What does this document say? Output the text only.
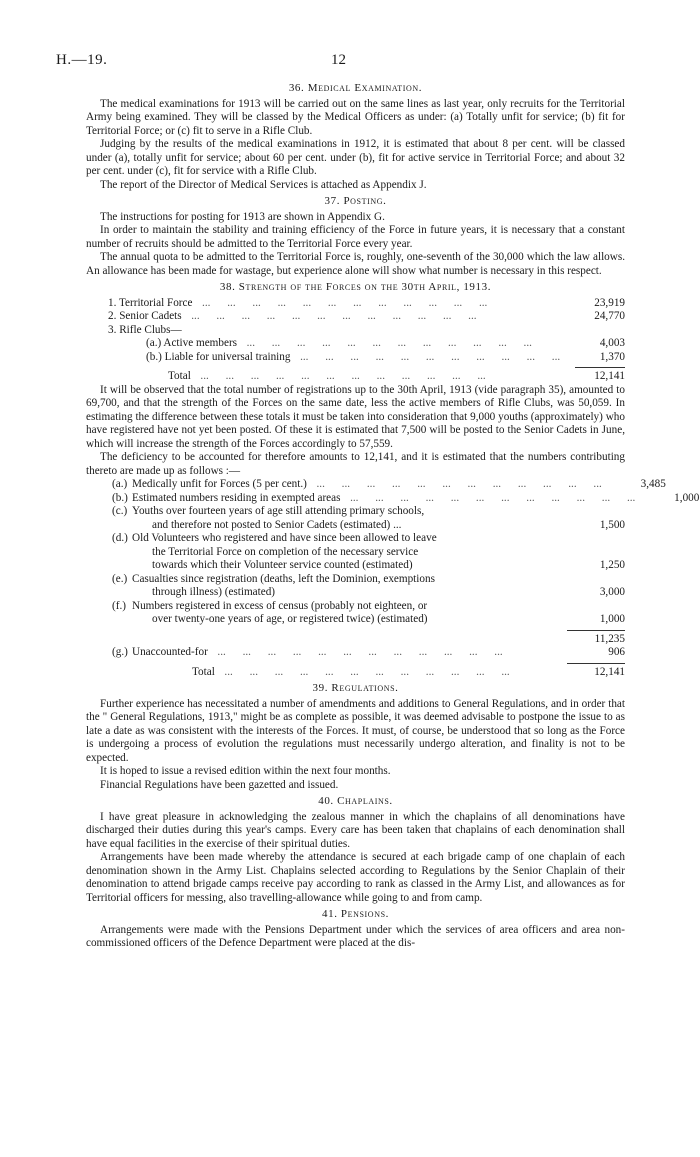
H.—19.	12
36. Medical Examination.

The medical examinations for 1913 will be carried out on the same lines as last year, only recruits for the Territorial Army being examined. They will be classed by the Medical Officers as under: (a) Totally unfit for service; (b) fit for Territorial Force; or (c) fit to serve in a Rifle Club.

Judging by the results of the medical examinations in 1912, it is estimated that about 8 per cent. will be classed under (a), totally unfit for service; about 60 per cent. under (b), fit for active service in Territorial Force; and about 32 per cent. under (c), fit for service with a Rifle Club.

The report of the Director of Medical Services is attached as Appendix J.

37. Posting.

The instructions for posting for 1913 are shown in Appendix G.

In order to maintain the stability and training efficiency of the Force in future years, it is necessary that a constant number of recruits should be admitted to the Territorial Force every year.

The annual quota to be admitted to the Territorial Force is, roughly, one-seventh of the 30,000 which the law allows. An allowance has been made for wastage, but experience alone will show what number is necessary in this respect.

38. Strength of the Forces on the 30th April, 1913.
1. Territorial Force ...	23,919
2. Senior Cadets ...	24,770
3. Rifle Clubs—
(a.) Active members ...	4,003
(b.) Liable for universal training ...	1,370
Total ...	12,141

It will be observed that the total number of registrations up to the 30th April, 1913 (vide paragraph 35), amounted to 69,700, and that the strength of the Forces on the same date, less the active members of Rifle Clubs, was 50,059. In estimating the difference between these totals it must be taken into consideration that 9,000 youths (approximately) who have registered have not yet been posted. Of these it is estimated that 7,500 will be posted to the Senior Cadets in June, which will increase the strength of the Forces accordingly to 57,559.

The deficiency to be accounted for therefore amounts to 12,141, and it is estimated that the numbers contributing thereto are made up as follows :—

(a.) Medically unfit for Forces (5 per cent.) ...	3,485
(b.) Estimated numbers residing in exempted areas ...	1,000
(c.) Youths over fourteen years of age still attending primary schools,
and therefore not posted to Senior Cadets (estimated) ...	1,500
(d.) Old Volunteers who registered and have since been allowed to leave
the Territorial Force on completion of the necessary service
towards which their Volunteer service counted (estimated)	1,250
(e.) Casualties since registration (deaths, left the Dominion, exemptions
through illness) (estimated)	3,000
(f.) Numbers registered in excess of census (probably not eighteen, or
over twenty-one years of age, or registered twice) (estimated)	1,000
11,235
(g.) Unaccounted-for ...	906
Total ...	12,141
39. Regulations.

Further experience has necessitated a number of amendments and additions to General Regulations, and in order that the " General Regulations, 1913," might be as complete as possible, it was deemed advisable to postpone the issue to as late a date as was consistent with the interests of the Forces. It must, of course, be understood that so long as the Force is undergoing a process of evolution the regulations must necessarily undergo alteration, and finality is not to be expected.

It is hoped to issue a revised edition within the next four months.

Financial Regulations have been gazetted and issued.

40. Chaplains.

I have great pleasure in acknowledging the zealous manner in which the chaplains of all denominations have discharged their duties during this year's camps. Every care has been taken that chaplains of each denomination shall have equal facilities in the exercise of their spiritual duties.

Arrangements have been made whereby the attendance is secured at each brigade camp of one chaplain of each denomination shown in the Army List. Chaplains selected according to Regulations by the Senior Chaplain of their denomination to attend brigade camps receive pay according to rank as classed in the Army List, and allowances as for Territorial officers for messing, also travelling-allowance while going to and from camp.

41. Pensions.

Arrangements were made with the Pensions Department under which the services of area officers and area non-commissioned officers of the Defence Department were placed at the dis-
